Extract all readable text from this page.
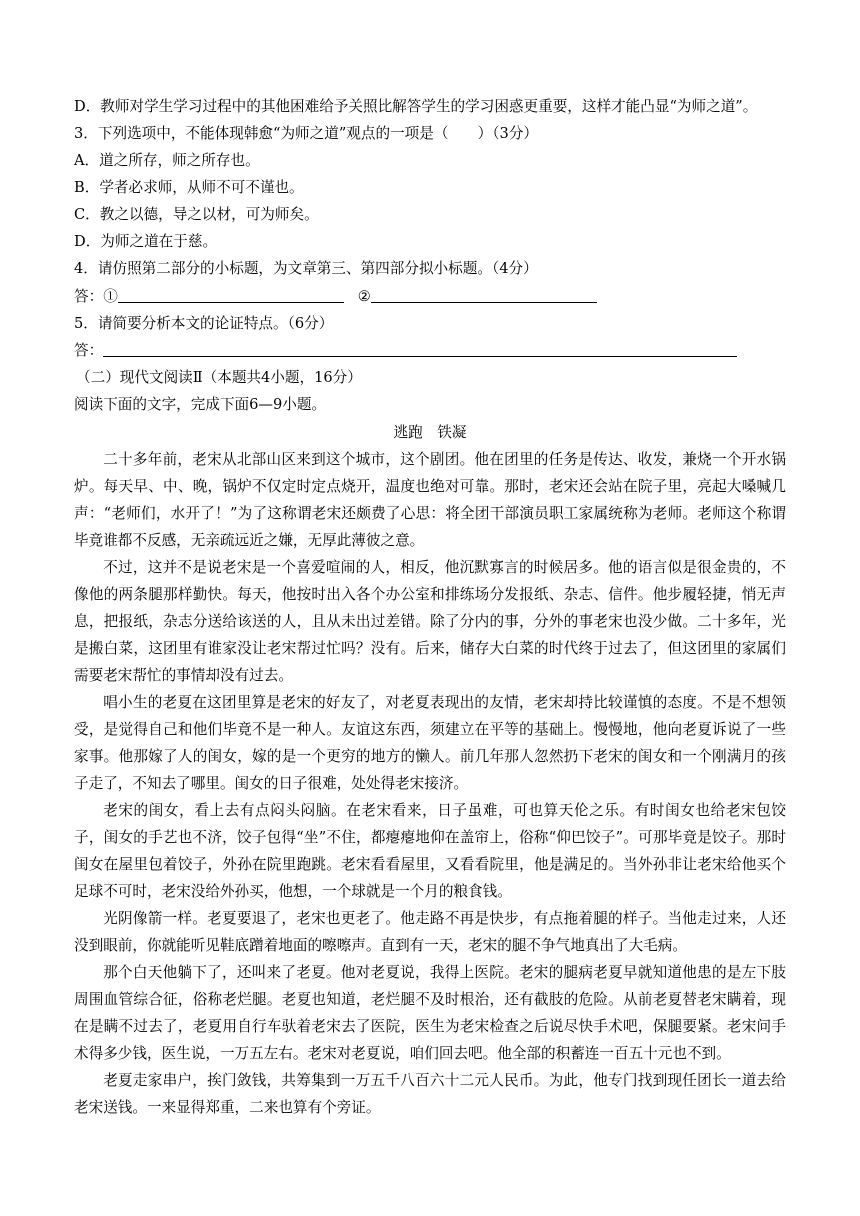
D．教师对学生学习过程中的其他困难给予关照比解答学生的学习困惑更重要，这样才能凸显“为师之道”。
3．下列选项中，不能体现韩愈“为师之道”观点的一项是（　　）（3分）
A．道之所存，师之所存也。
B．学者必求师，从师不可不谨也。
C．教之以德，导之以材，可为师矣。
D．为师之道在于慈。
4．请仿照第二部分的小标题，为文章第三、第四部分拟小标题。（4分）
答：①	②
5．请简要分析本文的论证特点。（6分）
答：
（二）现代文阅读Ⅱ（本题共4小题，16分）
阅读下面的文字，完成下面6—9小题。
逃跑　铁凝
二十多年前，老宋从北部山区来到这个城市，这个剧团。他在团里的任务是传达、收发，兼烧一个开水锅炉。每天早、中、晚，锅炉不仅定时定点烧开，温度也绝对可靠。那时，老宋还会站在院子里，亮起大嗓喊几声：“老师们，水开了！”为了这称谓老宋还颇费了心思：将全团干部演员职工家属统称为老师。老师这个称谓毕竟谁都不反感，无亲疏远近之嫌，无厚此薄彼之意。
不过，这并不是说老宋是一个喜爱喧闹的人，相反，他沉默寡言的时候居多。他的语言似是很金贵的，不像他的两条腿那样勤快。每天，他按时出入各个办公室和排练场分发报纸、杂志、信件。他步履轻捷，悄无声息，把报纸，杂志分送给该送的人，且从未出过差错。除了分内的事，分外的事老宋也没少做。二十多年，光是搬白菜，这团里有谁家没让老宋帮过忙吗？没有。后来，储存大白菜的时代终于过去了，但这团里的家属们需要老宋帮忙的事情却没有过去。
唱小生的老夏在这团里算是老宋的好友了，对老夏表现出的友情，老宋却持比较谨慎的态度。不是不想领受，是觉得自己和他们毕竟不是一种人。友谊这东西，须建立在平等的基础上。慢慢地，他向老夏诉说了一些家事。他那嫁了人的闺女，嫁的是一个更穷的地方的懒人。前几年那人忽然扔下老宋的闺女和一个刚满月的孩子走了，不知去了哪里。闺女的日子很难，处处得老宋接济。
老宋的闺女，看上去有点闷头闷脑。在老宋看来，日子虽难，可也算天伦之乐。有时闺女也给老宋包饺子，闺女的手艺也不济，饺子包得“坐”不住，都瘪瘪地仰在盖帘上，俗称“仰巴饺子”。可那毕竟是饺子。那时闺女在屋里包着饺子，外孙在院里跑跳。老宋看看屋里，又看看院里，他是满足的。当外孙非让老宋给他买个足球不可时，老宋没给外孙买，他想，一个球就是一个月的粮食钱。
光阴像箭一样。老夏要退了，老宋也更老了。他走路不再是快步，有点拖着腿的样子。当他走过来，人还没到眼前，你就能听见鞋底蹭着地面的嚓嚓声。直到有一天，老宋的腿不争气地真出了大毛病。
那个白天他躺下了，还叫来了老夏。他对老夏说，我得上医院。老宋的腿病老夏早就知道他患的是左下肢周围血管综合征，俗称老烂腿。老夏也知道，老烂腿不及时根治，还有截肢的危险。从前老夏替老宋瞒着，现在是瞒不过去了，老夏用自行车驮着老宋去了医院，医生为老宋检查之后说尽快手术吧，保腿要紧。老宋问手术得多少钱，医生说，一万五左右。老宋对老夏说，咱们回去吧。他全部的积蓄连一百五十元也不到。
老夏走家串户，挨门敛钱，共筹集到一万五千八百六十二元人民币。为此，他专门找到现任团长一道去给老宋送钱。一来显得郑重，二来也算有个旁证。
